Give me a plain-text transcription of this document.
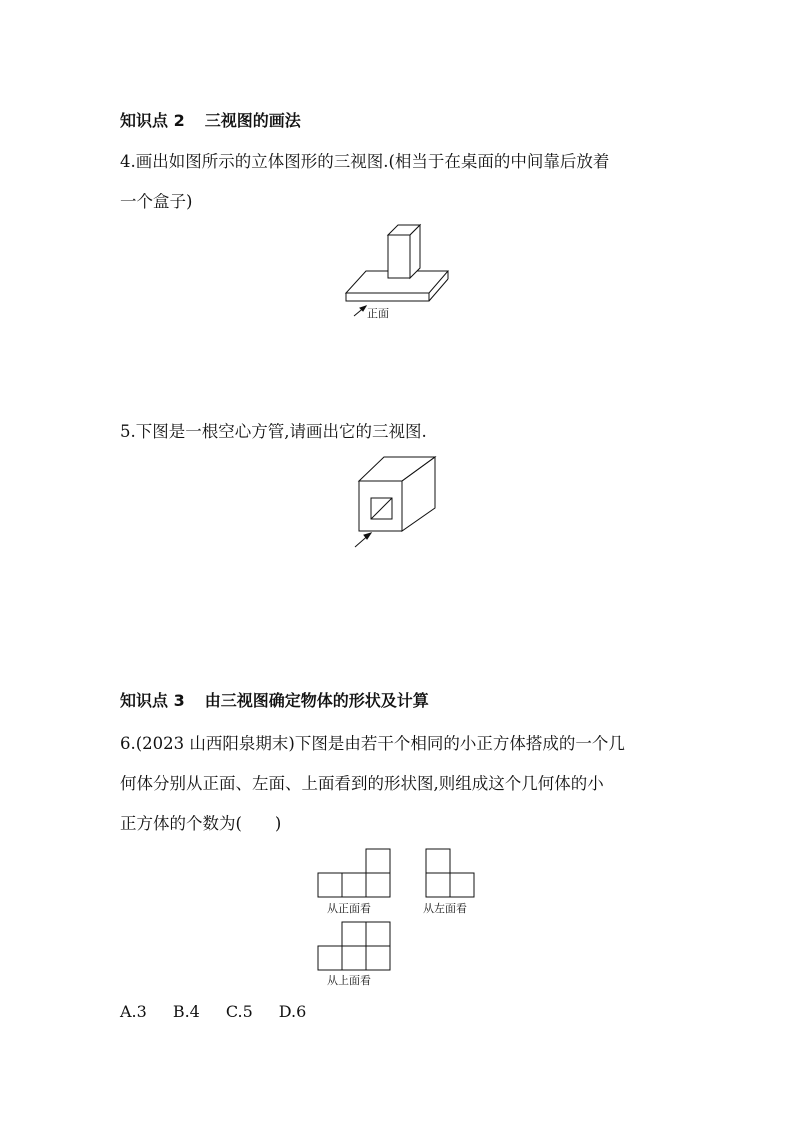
知识点 2 三视图的画法
4.画出如图所示的立体图形的三视图.(相当于在桌面的中间靠后放着
一个盒子)
正面
5.下图是一根空心方管,请画出它的三视图.
知识点 3 由三视图确定物体的形状及计算
6.(2023 山西阳泉期末)下图是由若干个相同的小正方体搭成的一个几
何体分别从正面、左面、上面看到的形状图,则组成这个几何体的小
正方体的个数为(　　)
从正面看	从左面看
从上面看
A.3 B.4 C.5 D.6
